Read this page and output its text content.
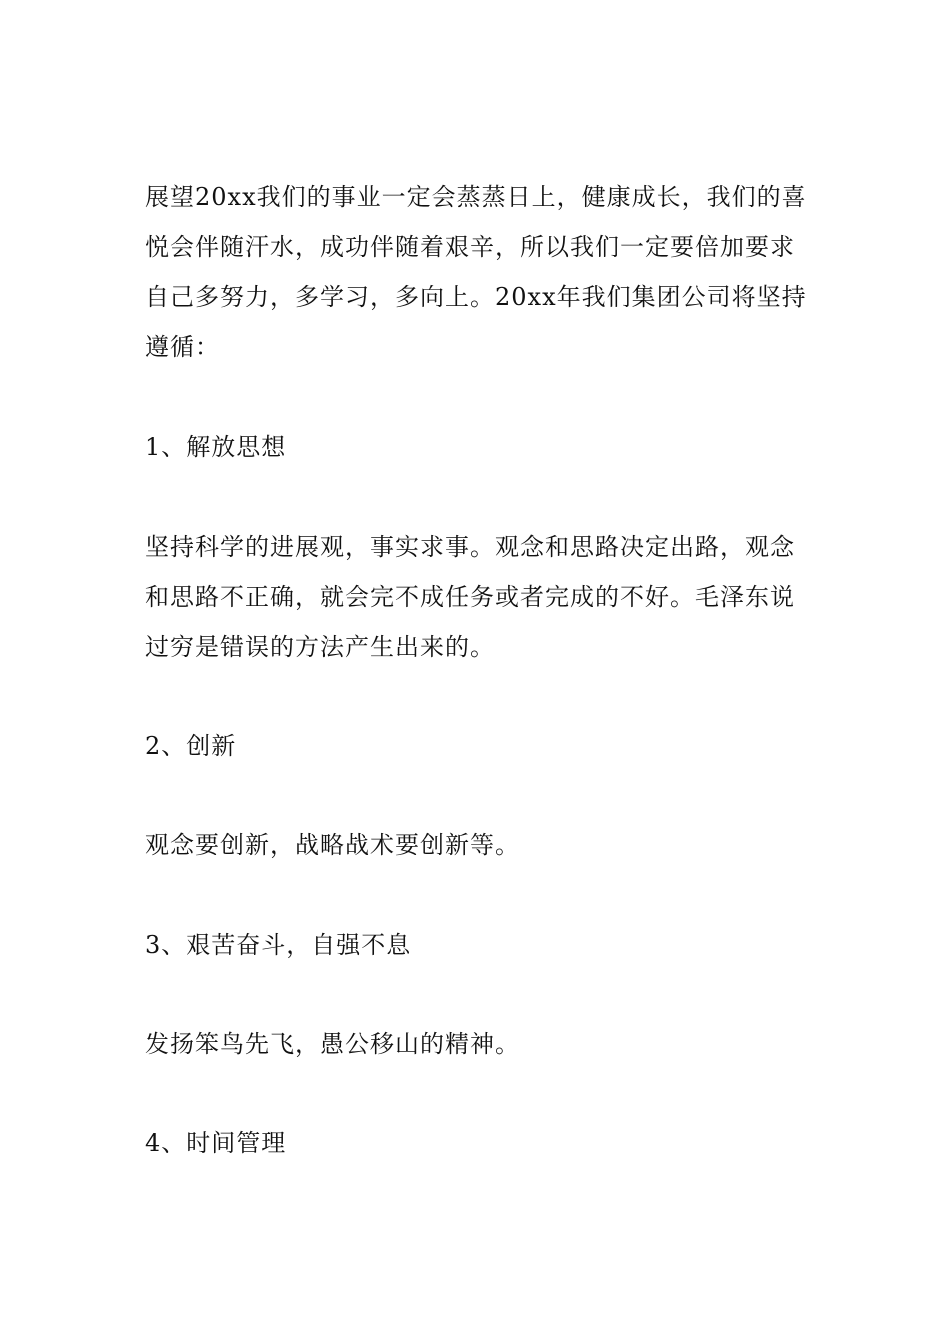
展望20xx我们的事业一定会蒸蒸日上，健康成长，我们的喜悦会伴随汗水，成功伴随着艰辛，所以我们一定要倍加要求自己多努力，多学习，多向上。20xx年我们集团公司将坚持遵循：

1、解放思想

坚持科学的进展观，事实求事。观念和思路决定出路，观念和思路不正确，就会完不成任务或者完成的不好。毛泽东说过穷是错误的方法产生出来的。

2、创新

观念要创新，战略战术要创新等。

3、艰苦奋斗，自强不息

发扬笨鸟先飞，愚公移山的精神。

4、时间管理
